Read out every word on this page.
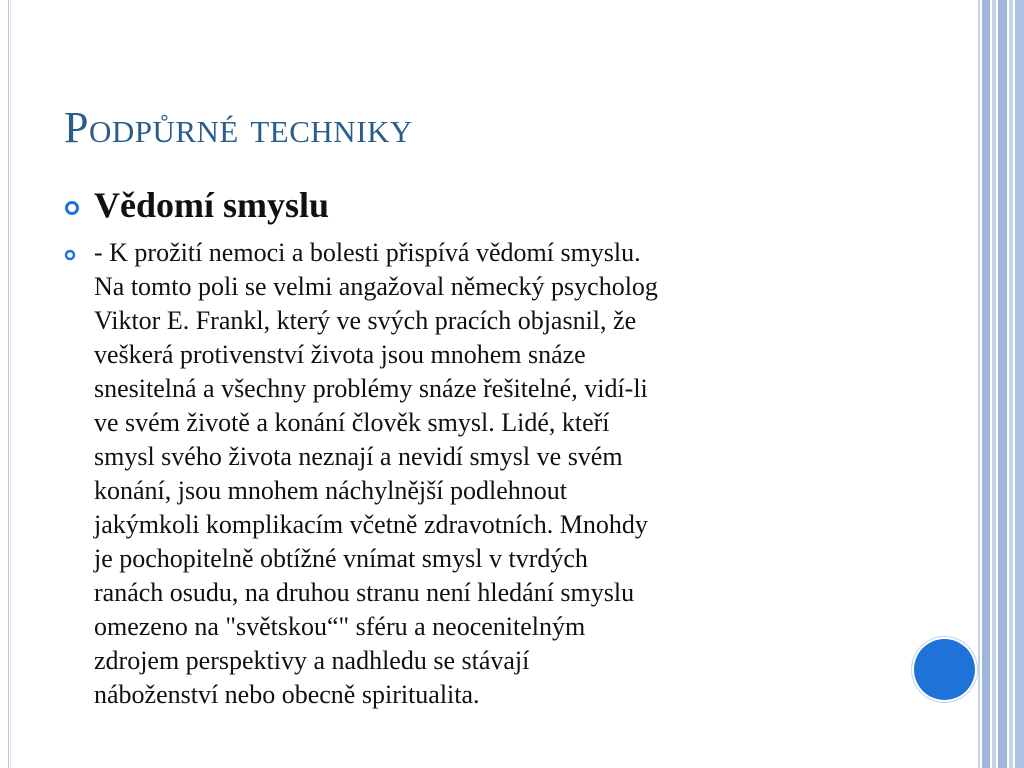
Podpůrné techniky
Vědomí smyslu
- K prožití nemoci a bolesti přispívá vědomí smyslu.
Na tomto poli se velmi angažoval německý psycholog
Viktor E. Frankl, který ve svých pracích objasnil, že
veškerá protivenství života jsou mnohem snáze
snesitelná a všechny problémy snáze řešitelné, vidí-li
ve svém životě a konání člověk smysl. Lidé, kteří
smysl svého života neznají a nevidí smysl ve svém
konání, jsou mnohem náchylnější podlehnout
jakýmkoli komplikacím včetně zdravotních. Mnohdy
je pochopitelně obtížné vnímat smysl v tvrdých
ranách osudu, na druhou stranu není hledání smyslu
omezeno na "světskou“" sféru a neocenitelným
zdrojem perspektivy a nadhledu se stávají
náboženství nebo obecně spiritualita.
